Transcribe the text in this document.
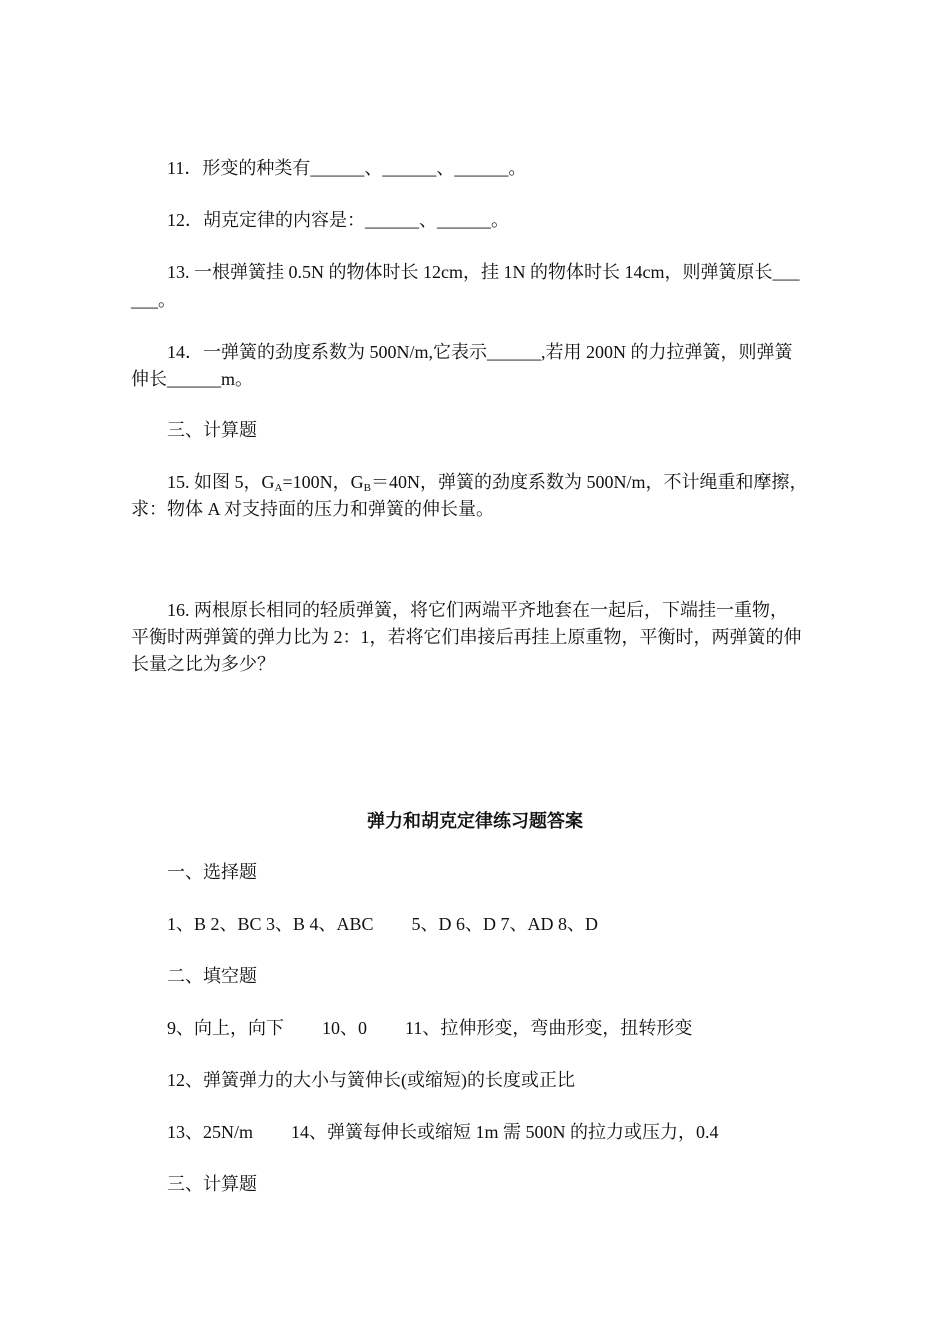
11．形变的种类有______、______、______。
12．胡克定律的内容是：______、______。
13. 一根弹簧挂 0.5N 的物体时长 12cm，挂 1N 的物体时长 14cm，则弹簧原长___
___。
14．一弹簧的劲度系数为 500N/m,它表示______,若用 200N 的力拉弹簧，则弹簧
伸长______m。
三、计算题
15. 如图 5，$G_A=100N$，$G_B=40N$，弹簧的劲度系数为 500N/m，不计绳重和摩擦，
求：物体 A 对支持面的压力和弹簧的伸长量。
16. 两根原长相同的轻质弹簧，将它们两端平齐地套在一起后，下端挂一重物，
平衡时两弹簧的弹力比为 2：1，若将它们串接后再挂上原重物，平衡时，两弹簧的伸
长量之比为多少？
弹力和胡克定律练习题答案
一、选择题
1、B 2、BC 3、B 4、ABC 5、D 6、D 7、AD 8、D
二、填空题
9、向上，向下 10、0 11、拉伸形变，弯曲形变，扭转形变
12、弹簧弹力的大小与簧伸长(或缩短)的长度或正比
13、25N/m 14、弹簧每伸长或缩短 1m 需 500N 的拉力或压力，0.4
三、计算题
